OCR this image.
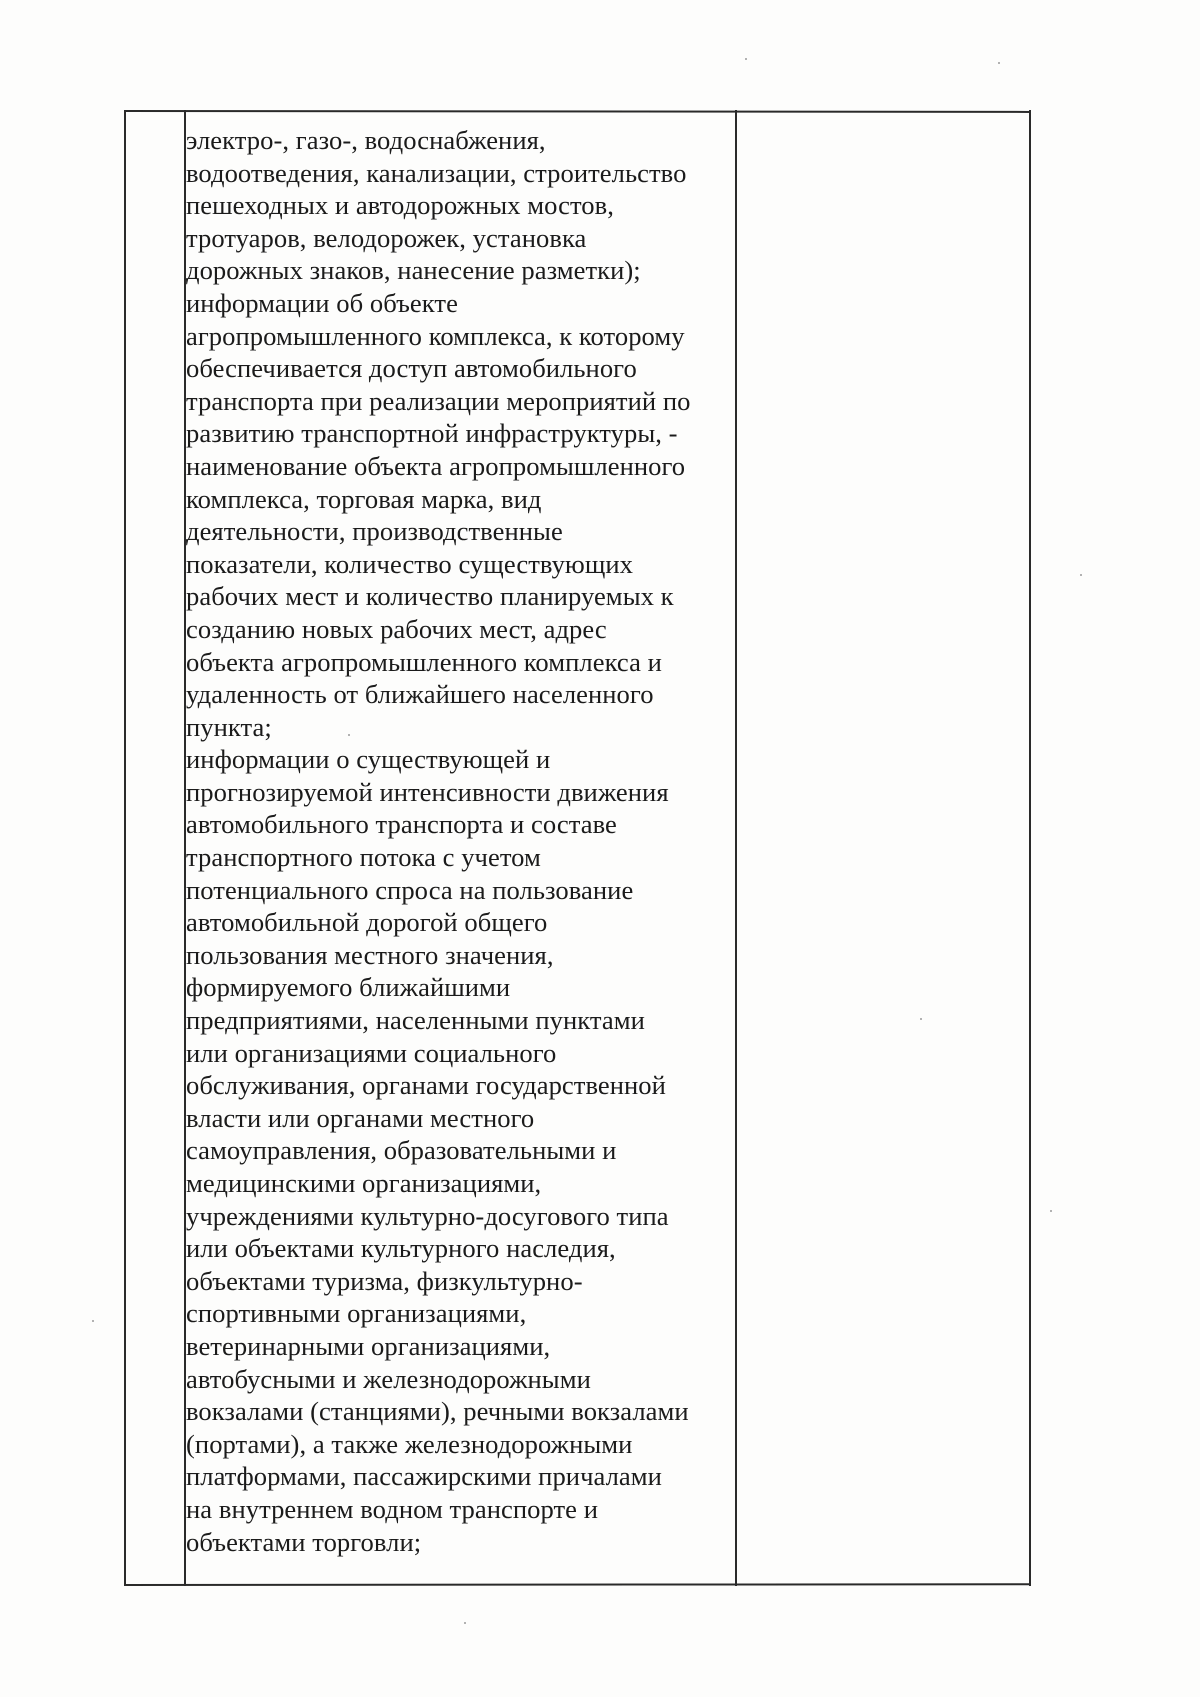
электро-, газо-, водоснабжения,
водоотведения, канализации, строительство
пешеходных и автодорожных мостов,
тротуаров, велодорожек, установка
дорожных знаков, нанесение разметки);
информации об объекте
агропромышленного комплекса, к которому
обеспечивается доступ автомобильного
транспорта при реализации мероприятий по
развитию транспортной инфраструктуры, -
наименование объекта агропромышленного
комплекса, торговая марка, вид
деятельности, производственные
показатели, количество существующих
рабочих мест и количество планируемых к
созданию новых рабочих мест, адрес
объекта агропромышленного комплекса и
удаленность от ближайшего населенного
пункта;
информации о существующей и
прогнозируемой интенсивности движения
автомобильного транспорта и составе
транспортного потока с учетом
потенциального спроса на пользование
автомобильной дорогой общего
пользования местного значения,
формируемого ближайшими
предприятиями, населенными пунктами
или организациями социального
обслуживания, органами государственной
власти или органами местного
самоуправления, образовательными и
медицинскими организациями,
учреждениями культурно-досугового типа
или объектами культурного наследия,
объектами туризма, физкультурно-
спортивными организациями,
ветеринарными организациями,
автобусными и железнодорожными
вокзалами (станциями), речными вокзалами
(портами), а также железнодорожными
платформами, пассажирскими причалами
на внутреннем водном транспорте и
объектами торговли;
